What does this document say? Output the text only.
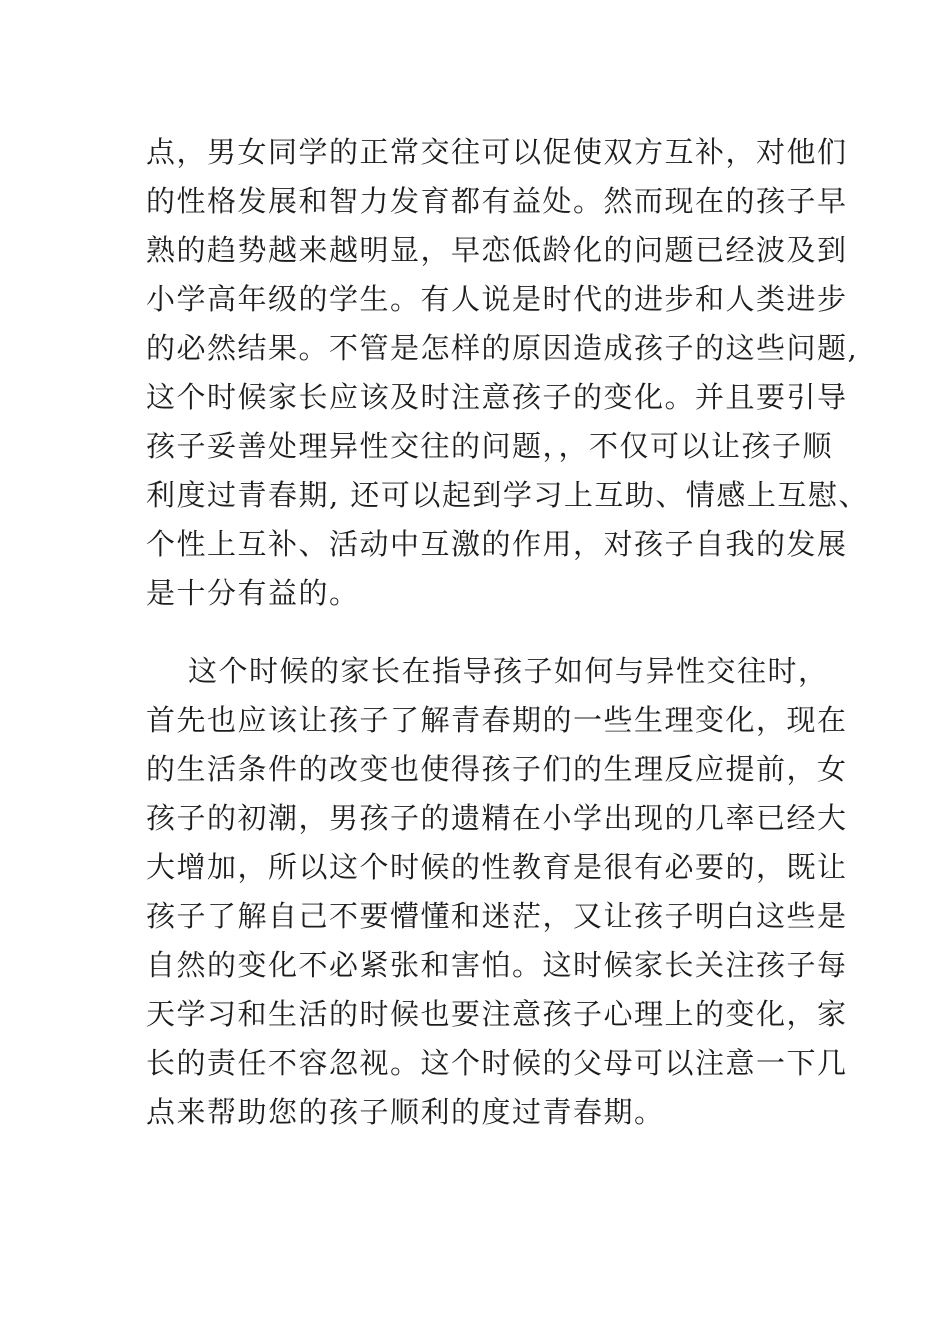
点，男女同学的正常交往可以促使双方互补，对他们
的性格发展和智力发育都有益处。然而现在的孩子早
熟的趋势越来越明显，早恋低龄化的问题已经波及到
小学高年级的学生。有人说是时代的进步和人类进步
的必然结果。不管是怎样的原因造成孩子的这些问题,
这个时候家长应该及时注意孩子的变化。并且要引导
孩子妥善处理异性交往的问题，，不仅可以让孩子顺
利度过青春期, 还可以起到学习上互助、情感上互慰、
个性上互补、活动中互激的作用，对孩子自我的发展
是十分有益的。
这个时候的家长在指导孩子如何与异性交往时，
首先也应该让孩子了解青春期的一些生理变化，现在
的生活条件的改变也使得孩子们的生理反应提前，女
孩子的初潮，男孩子的遗精在小学出现的几率已经大
大增加，所以这个时候的性教育是很有必要的，既让
孩子了解自己不要懵懂和迷茫，又让孩子明白这些是
自然的变化不必紧张和害怕。这时候家长关注孩子每
天学习和生活的时候也要注意孩子心理上的变化，家
长的责任不容忽视。这个时候的父母可以注意一下几
点来帮助您的孩子顺利的度过青春期。
